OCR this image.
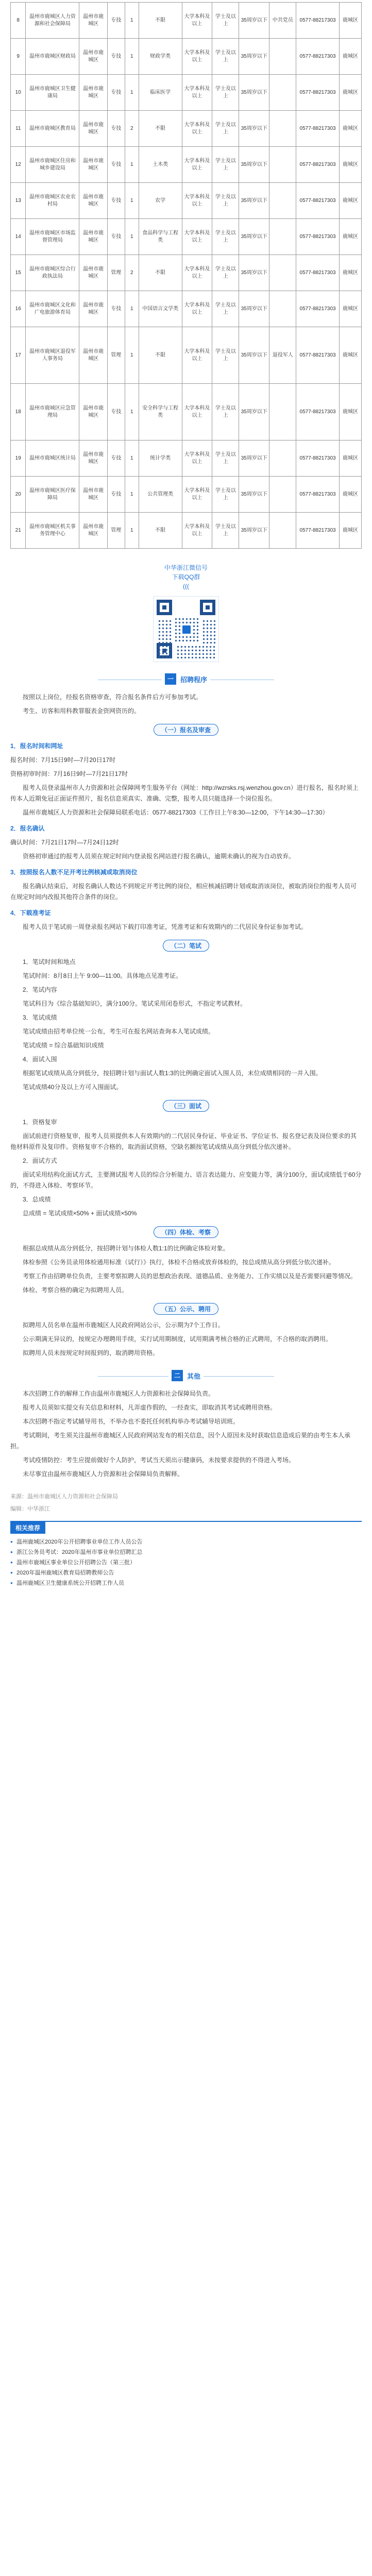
8	温州市鹿城区人力资源和社会保障局	温州市鹿城区	专技	1	不限	大学本科及以上	学士及以上	35周岁以下	中共党员	0577-88217303	鹿城区
9	温州市鹿城区财政局	温州市鹿城区	专技	1	财政学类	大学本科及以上	学士及以上	35周岁以下		0577-88217303	鹿城区
10	温州市鹿城区卫生健康局	温州市鹿城区	专技	1	临床医学	大学本科及以上	学士及以上	35周岁以下		0577-88217303	鹿城区
11	温州市鹿城区教育局	温州市鹿城区	专技	2	不限	大学本科及以上	学士及以上	35周岁以下		0577-88217303	鹿城区
12	温州市鹿城区住房和城乡建设局	温州市鹿城区	专技	1	土木类	大学本科及以上	学士及以上	35周岁以下		0577-88217303	鹿城区
13	温州市鹿城区农业农村局	温州市鹿城区	专技	1	农学	大学本科及以上	学士及以上	35周岁以下		0577-88217303	鹿城区
14	温州市鹿城区市场监督管理局	温州市鹿城区	专技	1	食品科学与工程类	大学本科及以上	学士及以上	35周岁以下		0577-88217303	鹿城区
15	温州市鹿城区综合行政执法局	温州市鹿城区	管理	2	不限	大学本科及以上	学士及以上	35周岁以下		0577-88217303	鹿城区
16	温州市鹿城区文化和广电旅游体育局	温州市鹿城区	专技	1	中国语言文学类	大学本科及以上	学士及以上	35周岁以下		0577-88217303	鹿城区
17	温州市鹿城区退役军人事务局	温州市鹿城区	管理	1	不限	大学本科及以上	学士及以上	35周岁以下	退役军人	0577-88217303	鹿城区
18	温州市鹿城区应急管理局	温州市鹿城区	专技	1	安全科学与工程类	大学本科及以上	学士及以上	35周岁以下		0577-88217303	鹿城区
19	温州市鹿城区统计局	温州市鹿城区	专技	1	统计学类	大学本科及以上	学士及以上	35周岁以下		0577-88217303	鹿城区
20	温州市鹿城区医疗保障局	温州市鹿城区	专技	1	公共管理类	大学本科及以上	学士及以上	35周岁以下		0577-88217303	鹿城区
21	温州市鹿城区机关事务管理中心	温州市鹿城区	管理	1	不限	大学本科及以上	学士及以上	35周岁以下		0577-88217303	鹿城区
中华浙江微信号
下载QQ群
(((
一 招聘程序

按照以上岗位，经报名资格审查，符合报名条件后方可参加考试。

考生、访客和用科教罪服表金资网资历的。

（一）报名及审查

1．报名时间和网址

报名时间：7月15日9时—7月20日17时

资格初审时间：7月16日9时—7月21日17时

报考人员登录温州市人力资源和社会保障网考生服务平台（网址：http://wzrsks.rsj.wenzhou.gov.cn）进行报名，报名时须上传本人近期免冠正面证件照片，报名信息须真实、准确、完整，报考人员只能选择一个岗位报名。

温州市鹿城区人力资源和社会保障局联系电话：0577-88217303（工作日上午8:30—12:00，下午14:30—17:30）

2．报名确认

确认时间：7月21日17时—7月24日12时

资格初审通过的报考人员须在规定时间内登录报名网站进行报名确认，逾期未确认的视为自动放弃。

3．按照报名人数不足开考比例核减或取消岗位

报名确认结束后，对报名确认人数达不到规定开考比例的岗位，相应核减招聘计划或取消该岗位，被取消岗位的报考人员可在规定时间内改报其他符合条件的岗位。

4．下载准考证

报考人员于笔试前一周登录报名网站下载打印准考证，凭准考证和有效期内的二代居民身份证参加考试。

（二）笔试

1．笔试时间和地点

笔试时间：8月8日上午 9:00—11:00。具体地点见准考证。

2．笔试内容

笔试科目为《综合基础知识》，满分100分。笔试采用闭卷形式，不指定考试教材。

3．笔试成绩

笔试成绩由招考单位统一公布，考生可在报名网站查询本人笔试成绩。

笔试成绩 = 综合基础知识成绩

4．面试入围

根据笔试成绩从高分到低分，按招聘计划与面试人数1:3的比例确定面试入围人员，末位成绩相同的一并入围。

笔试成绩40分及以上方可入围面试。

（三）面试

1．资格复审

面试前进行资格复审，报考人员须提供本人有效期内的二代居民身份证、毕业证书、学位证书、报名登记表及岗位要求的其他材料原件及复印件。资格复审不合格的，取消面试资格，空缺名额按笔试成绩从高分到低分依次递补。

2．面试方式

面试采用结构化面试方式，主要测试报考人员的综合分析能力、语言表达能力、应变能力等，满分100分，面试成绩低于60分的，不得进入体检、考察环节。

3．总成绩

总成绩 = 笔试成绩×50% + 面试成绩×50%

（四）体检、考察

根据总成绩从高分到低分，按招聘计划与体检人数1:1的比例确定体检对象。

体检参照《公务员录用体检通用标准（试行）》执行，体检不合格或放弃体检的，按总成绩从高分到低分依次递补。

考察工作由招聘单位负责，主要考察拟聘人员的思想政治表现、道德品质、业务能力、工作实绩以及是否需要回避等情况。

体检、考察合格的确定为拟聘用人员。

（五）公示、聘用

拟聘用人员名单在温州市鹿城区人民政府网站公示，公示期为7个工作日。

公示期满无异议的，按规定办理聘用手续，实行试用期制度，试用期满考核合格的正式聘用，不合格的取消聘用。

拟聘用人员未按规定时间报到的，取消聘用资格。

二 其他

本次招聘工作的解释工作由温州市鹿城区人力资源和社会保障局负责。

报考人员须如实提交有关信息和材料，凡弄虚作假的，一经查实，即取消其考试或聘用资格。

本次招聘不指定考试辅导用书，不举办也不委托任何机构举办考试辅导培训班。

考试期间，考生须关注温州市鹿城区人民政府网站发布的相关信息，因个人原因未及时获取信息造成后果的由考生本人承担。

考试疫情防控：考生应提前做好个人防护，考试当天须出示健康码，未按要求提供的不得进入考场。

未尽事宜由温州市鹿城区人力资源和社会保障局负责解释。

来源：温州市鹿城区人力资源和社会保障局
编辑：中华浙江
相关推荐
● 温州鹿城区2020年公开招聘事业单位工作人员公告
● 浙江公务员考试：2020年温州市事业单位招聘汇总
● 温州市鹿城区事业单位公开招聘公告（第三批）
● 2020年温州鹿城区教育局招聘教师公告
● 温州鹿城区卫生健康系统公开招聘工作人员
